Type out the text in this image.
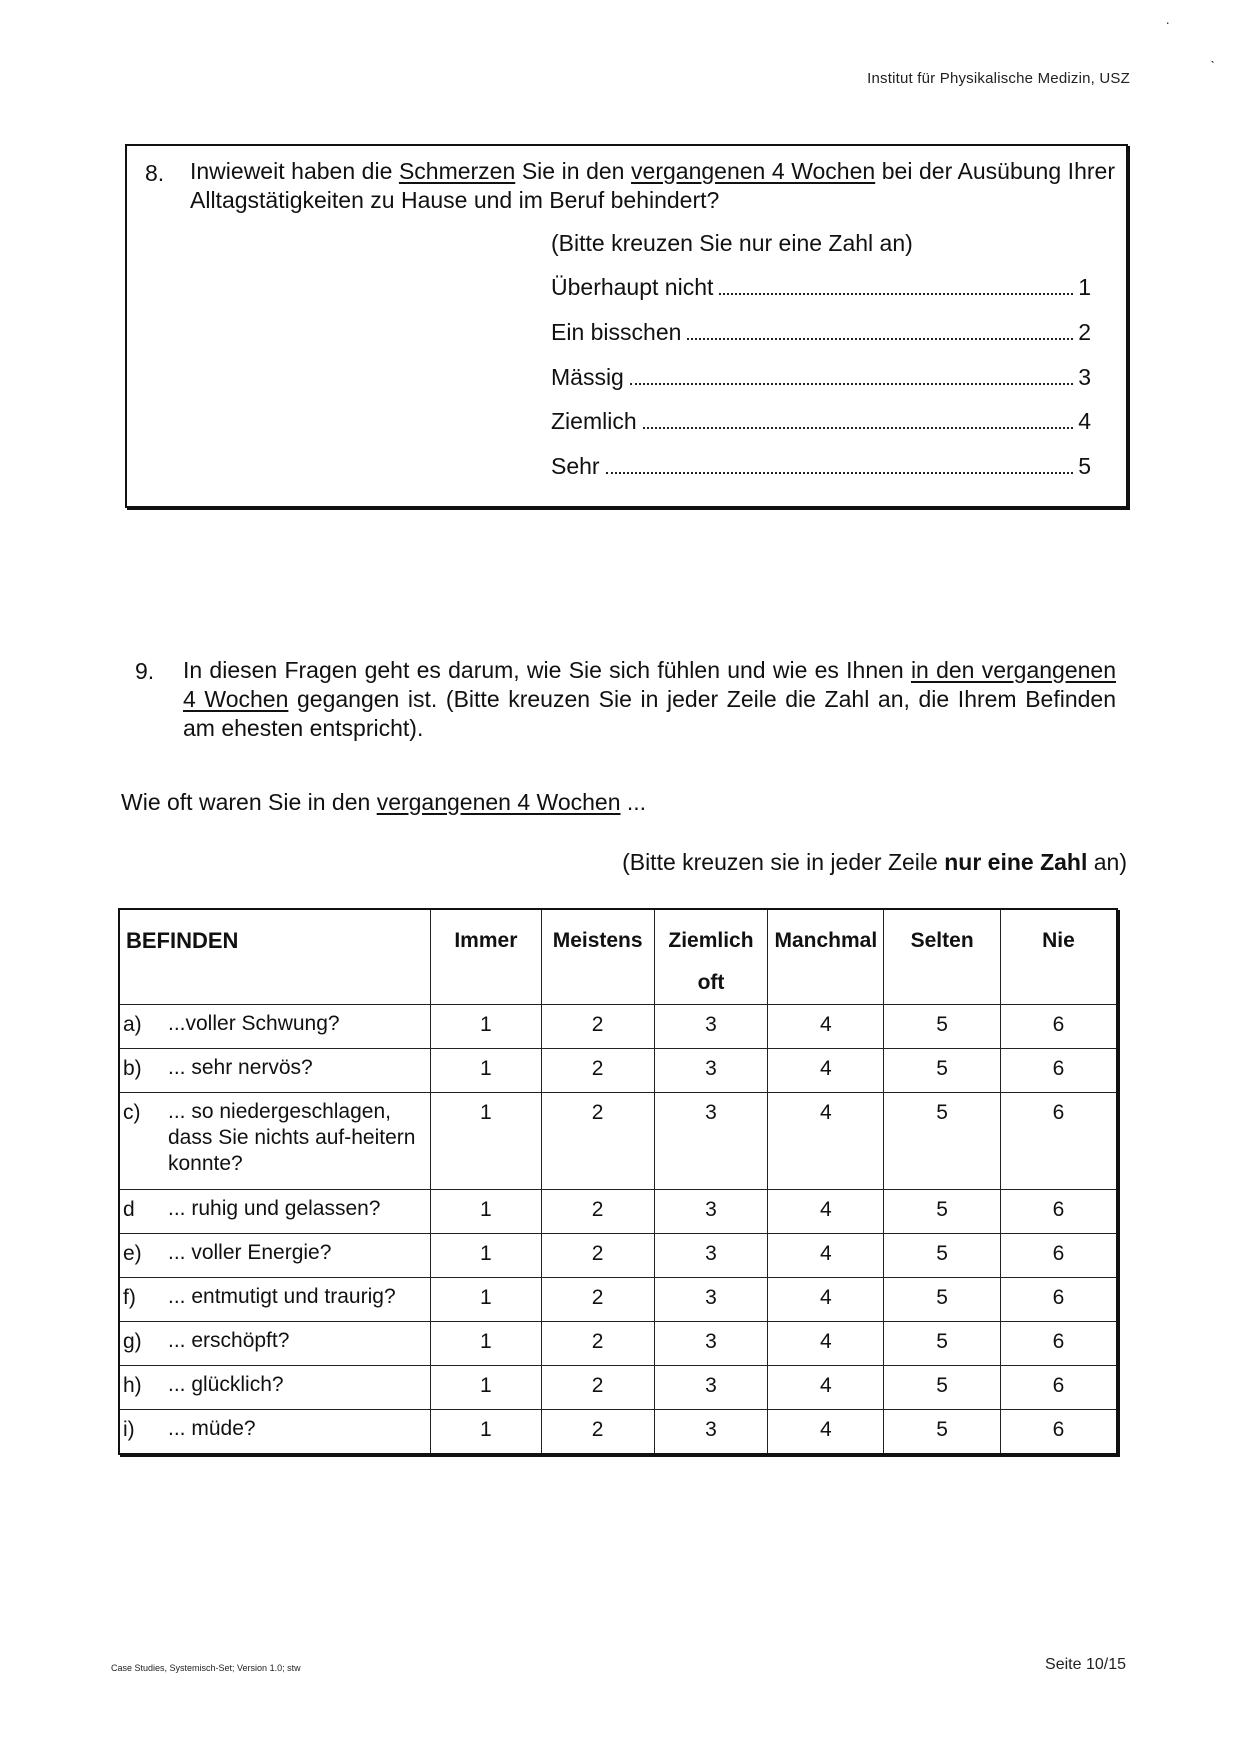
Institut für Physikalische Medizin, USZ
·
ˋ
8. Inwieweit haben die Schmerzen Sie in den vergangenen 4 Wochen bei der Ausübung Ihrer Alltagstätigkeiten zu Hause und im Beruf behindert?
(Bitte kreuzen Sie nur eine Zahl an)
Überhaupt nicht	1
Ein bisschen	2
Mässig	3
Ziemlich	4
Sehr	5
9. In diesen Fragen geht es darum, wie Sie sich fühlen und wie es Ihnen in den vergangenen 4 Wochen gegangen ist. (Bitte kreuzen Sie in jeder Zeile die Zahl an, die Ihrem Befinden am ehesten entspricht).
Wie oft waren Sie in den vergangenen 4 Wochen ...
(Bitte kreuzen sie in jeder Zeile nur eine Zahl an)
BEFINDEN	Immer	Meistens	Ziemlich oft	Manchmal	Selten	Nie

a) ...voller Schwung?	1	2	3	4	5	6

b) ... sehr nervös?	1	2	3	4	5	6

c) ... so niedergeschlagen, dass Sie nichts auf-heitern konnte?	1	2	3	4	5	6

d ... ruhig und gelassen?	1	2	3	4	5	6

e) ... voller Energie?	1	2	3	4	5	6

f) ... entmutigt und traurig?	1	2	3	4	5	6

g) ... erschöpft?	1	2	3	4	5	6

h) ... glücklich?	1	2	3	4	5	6

i) ... müde?	1	2	3	4	5	6
Case Studies, Systemisch-Set; Version 1.0; stw	Seite 10/15
